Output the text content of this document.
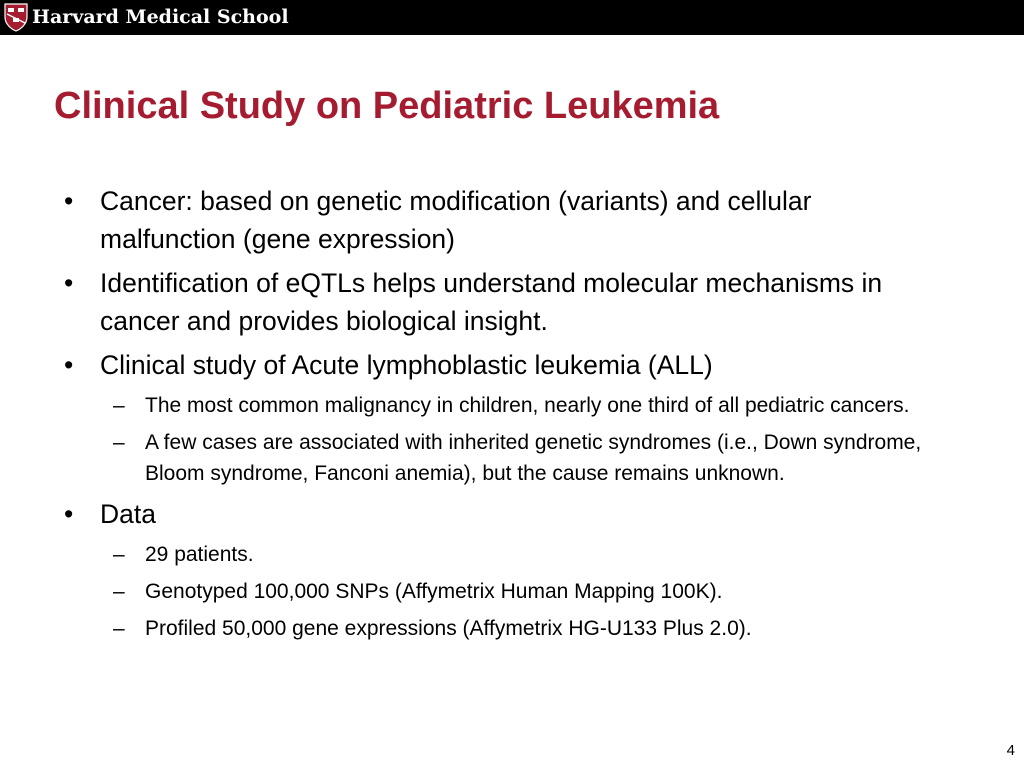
Harvard Medical School
Clinical Study on Pediatric Leukemia
• Cancer: based on genetic modification (variants) and cellular malfunction (gene expression)
• Identification of eQTLs helps understand molecular mechanisms in cancer and provides biological insight.
• Clinical study of Acute lymphoblastic leukemia (ALL)
– The most common malignancy in children, nearly one third of all pediatric cancers.
– A few cases are associated with inherited genetic syndromes (i.e., Down syndrome, Bloom syndrome, Fanconi anemia), but the cause remains unknown.
• Data
– 29 patients.
– Genotyped 100,000 SNPs (Affymetrix Human Mapping 100K).
– Profiled 50,000 gene expressions (Affymetrix HG-U133 Plus 2.0).
4
